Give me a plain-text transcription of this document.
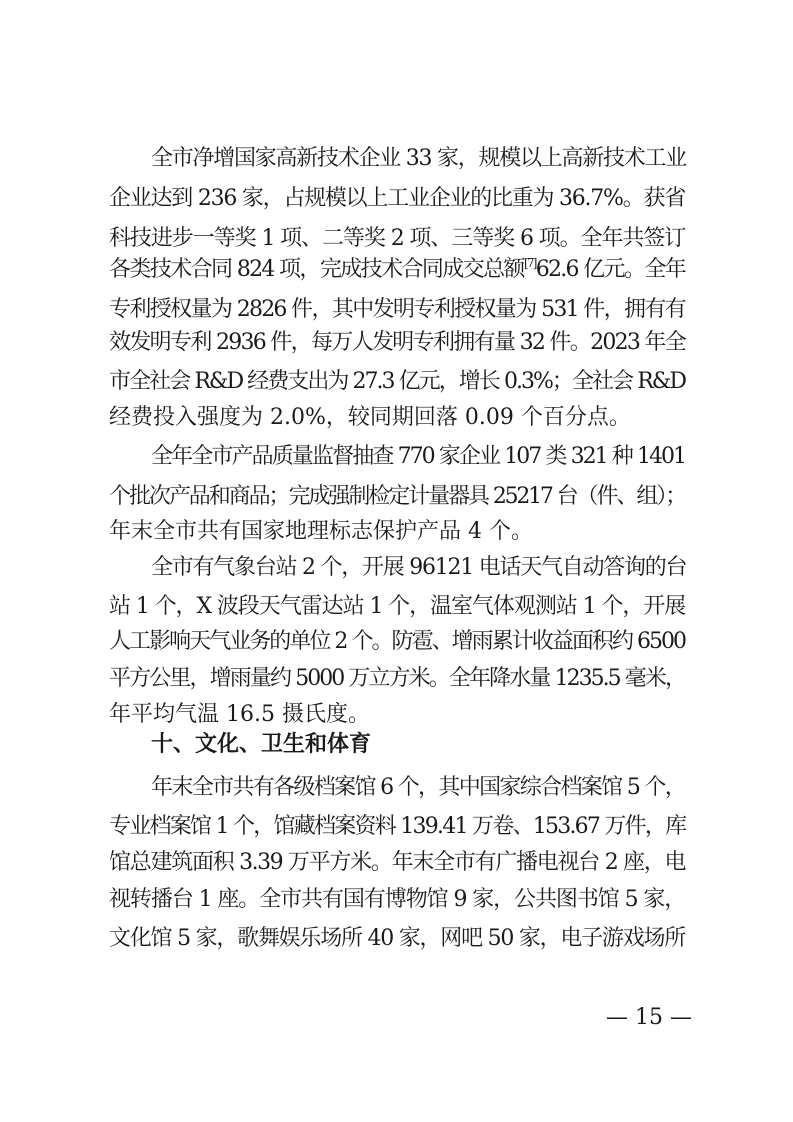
全市净增国家高新技术企业 33 家，规模以上高新技术工业
企业达到 236 家，占规模以上工业企业的比重为 36.7%。获省
科技进步一等奖 1 项、二等奖 2 项、三等奖 6 项。全年共签订
各类技术合同 824 项，完成技术合同成交总额[7]62.6 亿元。全年
专利授权量为 2826 件，其中发明专利授权量为 531 件，拥有有
效发明专利 2936 件，每万人发明专利拥有量 32 件。2023 年全
市全社会 R&D 经费支出为 27.3 亿元，增长 0.3%；全社会 R&D
经费投入强度为 2.0%，较同期回落 0.09 个百分点。
全年全市产品质量监督抽查 770 家企业 107 类 321 种 1401
个批次产品和商品；完成强制检定计量器具 25217 台（件、组）；
年末全市共有国家地理标志保护产品 4 个。
全市有气象台站 2 个，开展 96121 电话天气自动答询的台
站 1 个，X 波段天气雷达站 1 个，温室气体观测站 1 个，开展
人工影响天气业务的单位 2 个。防雹、增雨累计收益面积约 6500
平方公里，增雨量约 5000 万立方米。全年降水量 1235.5 毫米，
年平均气温 16.5 摄氏度。
十、文化、卫生和体育
年末全市共有各级档案馆 6 个，其中国家综合档案馆 5 个，
专业档案馆 1 个，馆藏档案资料 139.41 万卷、153.67 万件，库
馆总建筑面积 3.39 万平方米。年末全市有广播电视台 2 座，电
视转播台 1 座。全市共有国有博物馆 9 家，公共图书馆 5 家，
文化馆 5 家，歌舞娱乐场所 40 家，网吧 50 家，电子游戏场所
— 15 —
